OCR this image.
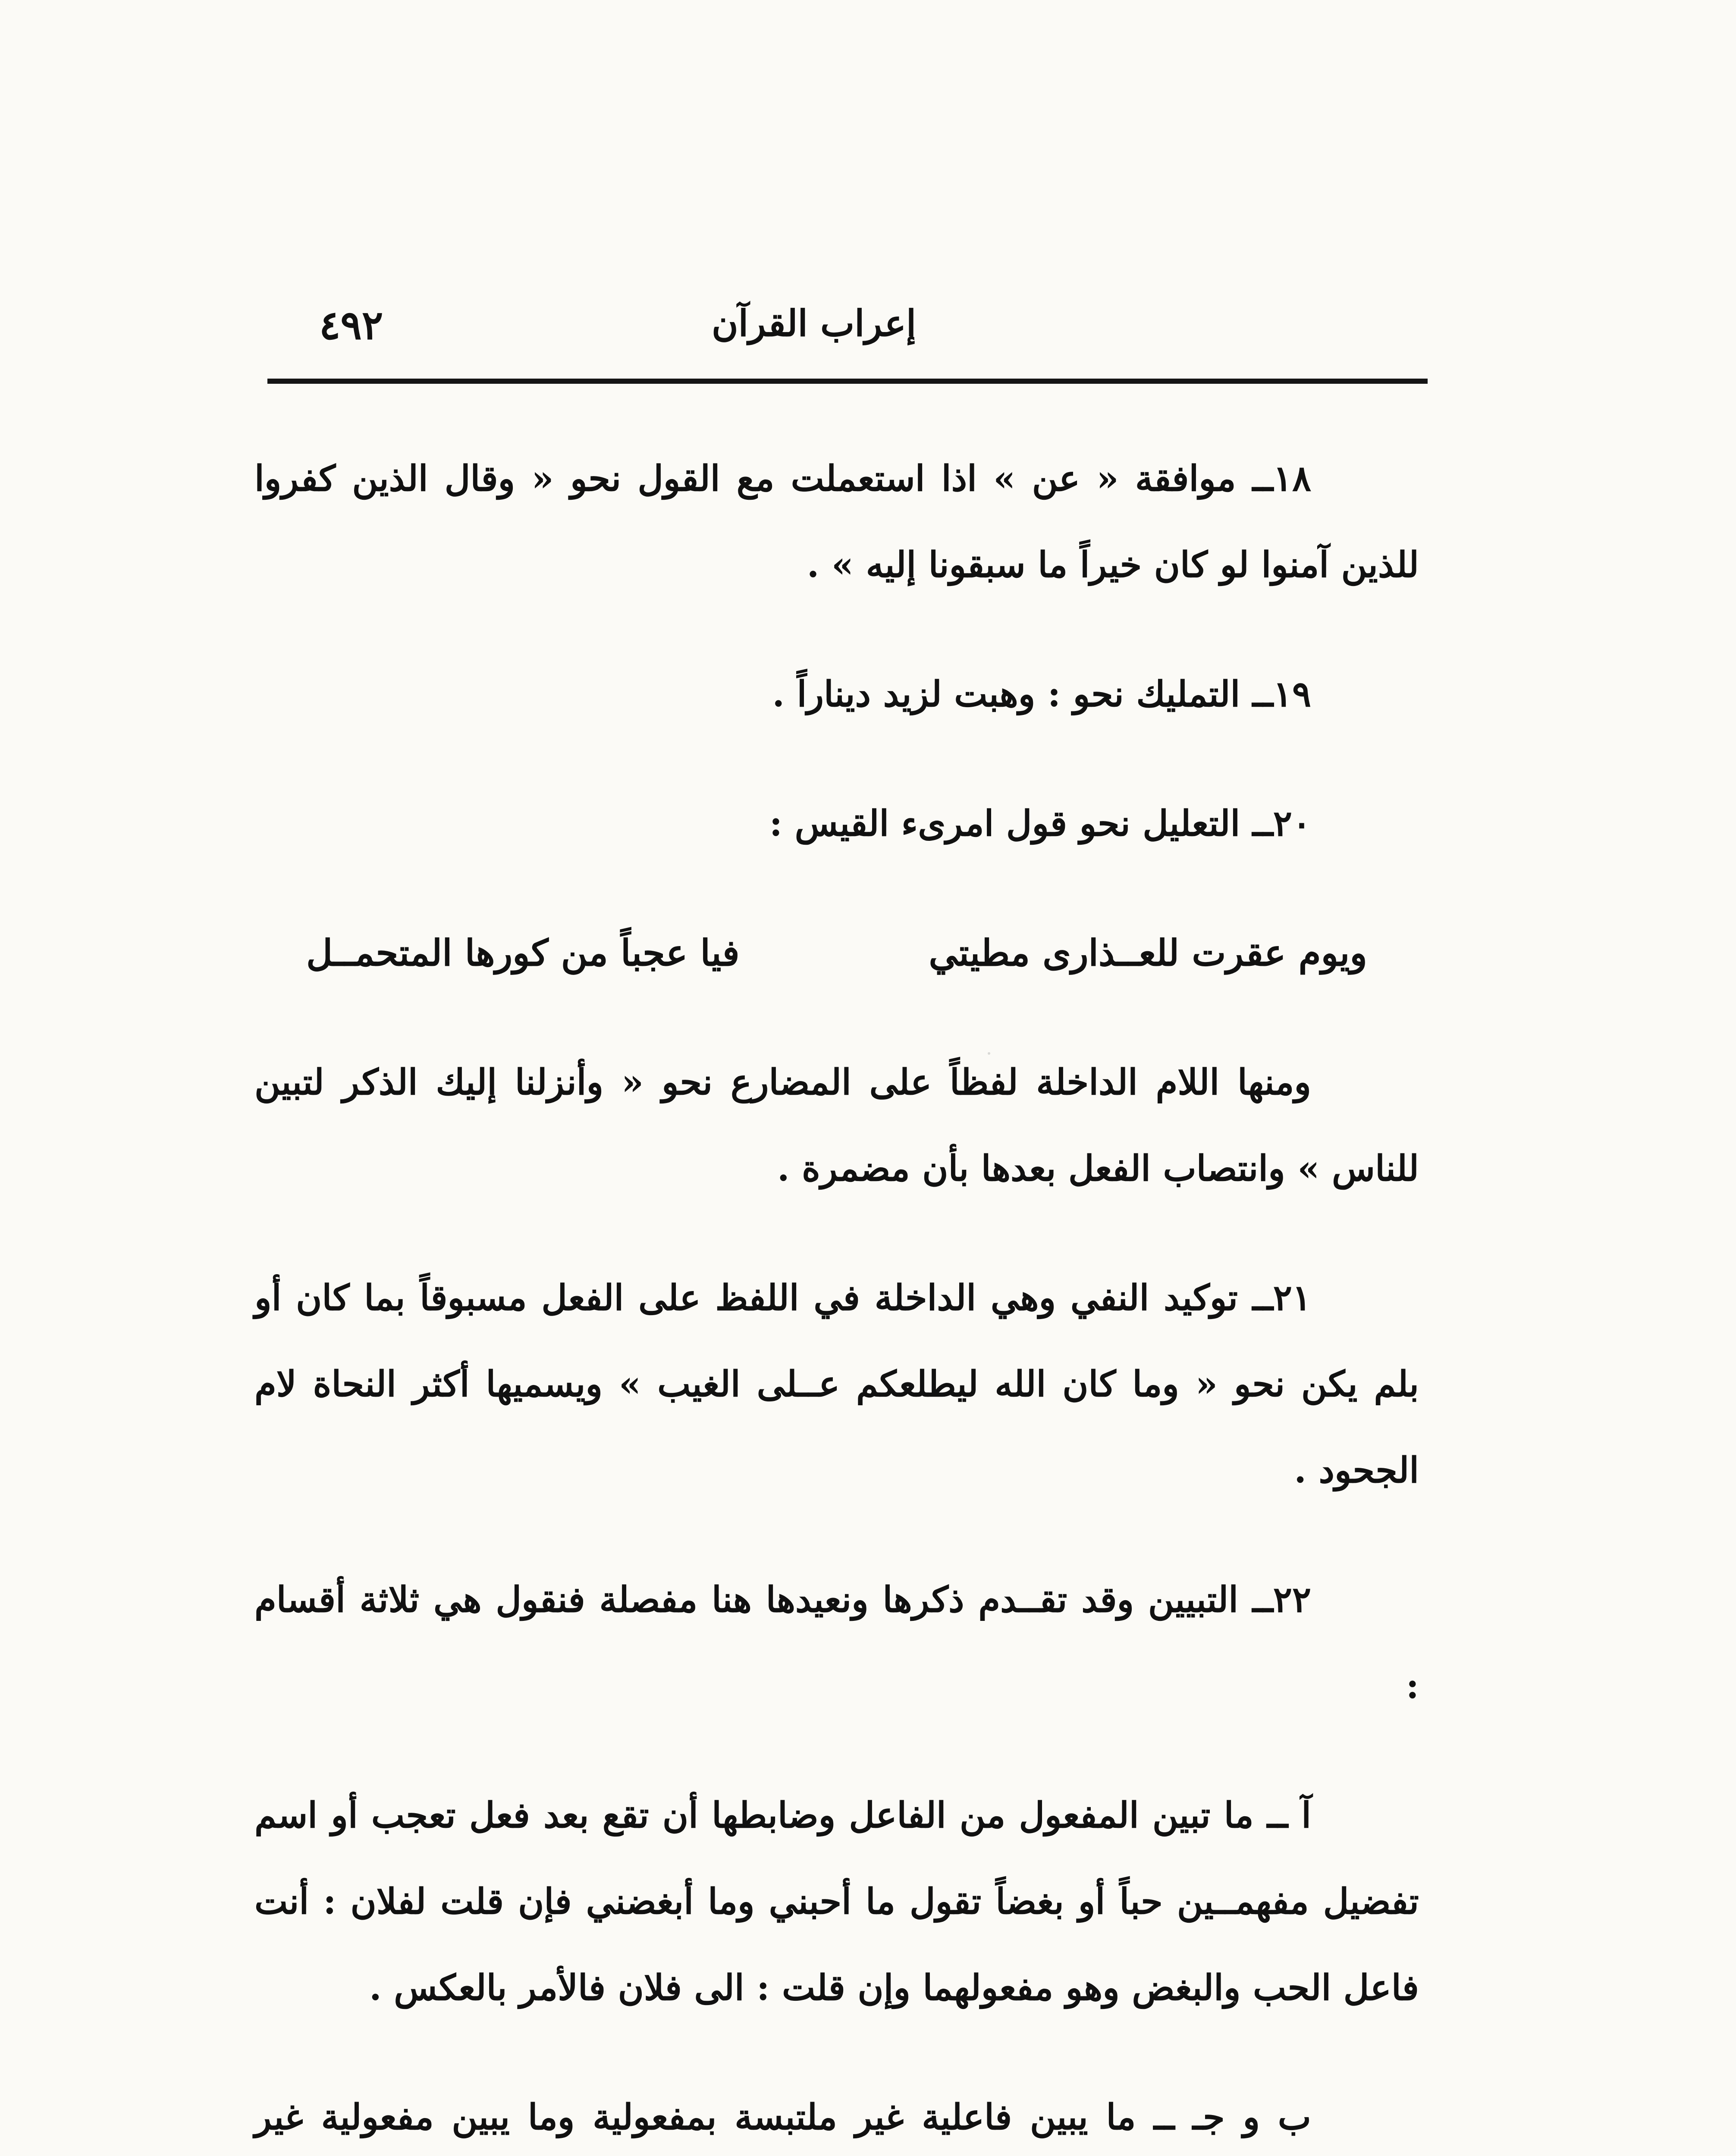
٤٩٢	إعراب القرآن

١٨ــ موافقة « عن » اذا استعملت مع القول نحو « وقال الذين كفروا للذين آمنوا لو كان خيراً ما سبقونا إليه » .

١٩ــ التمليك نحو : وهبت لزيد ديناراً .

٢٠ــ التعليل نحو قول امرىء القيس :

ويوم عقرت للعــذارى مطيتي
فيا عجباً من كورها المتحمــل

ومنها اللام الداخلة لفظاً على المضارع نحو « وأنزلنا إليك الذكر لتبين للناس » وانتصاب الفعل بعدها بأن مضمرة .

٢١ــ توكيد النفي وهي الداخلة في اللفظ على الفعل مسبوقاً بما كان أو بلم يكن نحو « وما كان الله ليطلعكم عــلى الغيب » ويسميها أكثر النحاة لام الجحود .

٢٢ــ التبيين وقد تقــدم ذكرها ونعيدها هنا مفصلة فنقول هي ثلاثة أقسام :

آ ــ ما تبين المفعول من الفاعل وضابطها أن تقع بعد فعل تعجب أو اسم تفضيل مفهمــين حباً أو بغضاً تقول ما أحبني وما أبغضني فإن قلت لفلان : أنت فاعل الحب والبغض وهو مفعولهما وإن قلت : الى فلان فالأمر بالعكس .

ب و جـ ــ ما يبين فاعلية غير ملتبسة بمفعولية وما يبين مفعولية غير
